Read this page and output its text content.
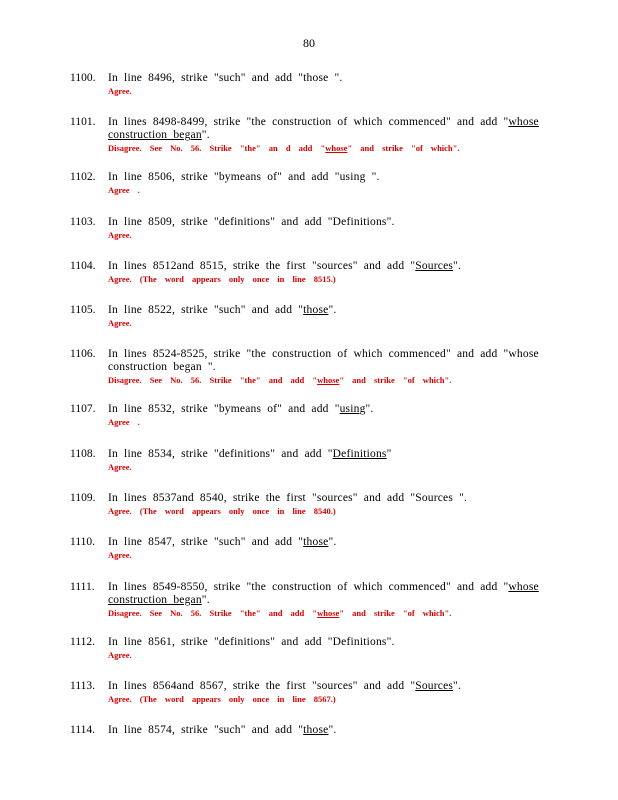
80
1100.	In line 8496, strike "such" and add "those ".
Agree.
1101.	In lines 8498-8499, strike "the construction of which commenced" and add "whose
construction began".
Disagree. See No. 56. Strike "the" an d add "whose" and strike "of which".
1102.	In line 8506, strike "bymeans of" and add "using ".
Agree .
1103.	In line 8509, strike "definitions" and add "Definitions".
Agree.
1104.	In lines 8512and 8515, strike the first "sources" and add "Sources".
Agree. (The word appears only once in line 8515.)
1105.	In line 8522, strike "such" and add "those".
Agree.
1106.	In lines 8524-8525, strike "the construction of which commenced" and add "whose
construction began ".
Disagree. See No. 56. Strike "the" and add "whose" and strike "of which".
1107.	In line 8532, strike "bymeans of" and add "using".
Agree .
1108.	In line 8534, strike "definitions" and add "Definitions"
Agree.
1109.	In lines 8537and 8540, strike the first "sources" and add "Sources ".
Agree. (The word appears only once in line 8540.)
1110.	In line 8547, strike "such" and add "those".
Agree.
1111.	In lines 8549-8550, strike "the construction of which commenced" and add "whose
construction began".
Disagree. See No. 56. Strike "the" and add "whose" and strike "of which".
1112.	In line 8561, strike "definitions" and add "Definitions".
Agree.
1113.	In lines 8564and 8567, strike the first "sources" and add "Sources".
Agree. (The word appears only once in line 8567.)
1114.	In line 8574, strike "such" and add "those".
